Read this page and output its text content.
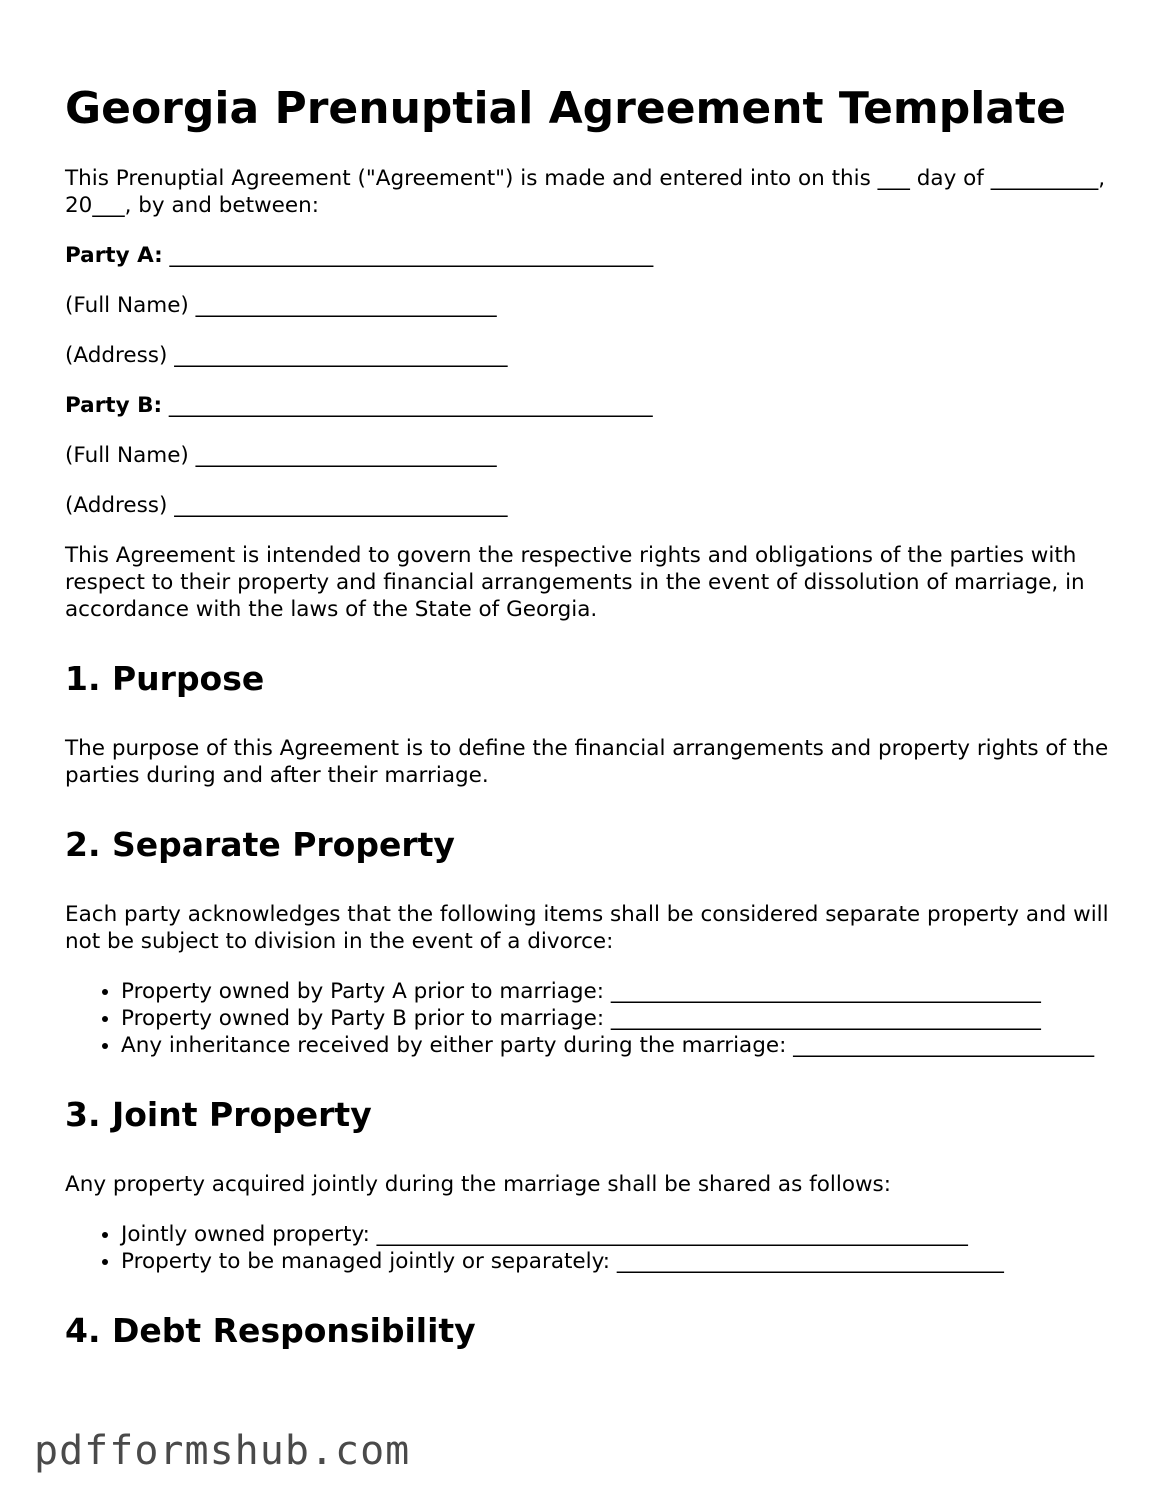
Georgia Prenuptial Agreement Template

This Prenuptial Agreement ("Agreement") is made and entered into on this ___ day of __________, 20___, by and between:

Party A: _____________________________________________
(Full Name) ____________________________
(Address) _______________________________
Party B: _____________________________________________
(Full Name) ____________________________
(Address) _______________________________

This Agreement is intended to govern the respective rights and obligations of the parties with respect to their property and financial arrangements in the event of dissolution of marriage, in accordance with the laws of the State of Georgia.

1. Purpose

The purpose of this Agreement is to define the financial arrangements and property rights of the parties during and after their marriage.

2. Separate Property

Each party acknowledges that the following items shall be considered separate property and will not be subject to division in the event of a divorce:

• Property owned by Party A prior to marriage: ________________________________________
• Property owned by Party B prior to marriage: ________________________________________
• Any inheritance received by either party during the marriage: ____________________________
3. Joint Property

Any property acquired jointly during the marriage shall be shared as follows:

• Jointly owned property: _______________________________________________________
• Property to be managed jointly or separately: ____________________________________
4. Debt Responsibility
pdfformshub.com
